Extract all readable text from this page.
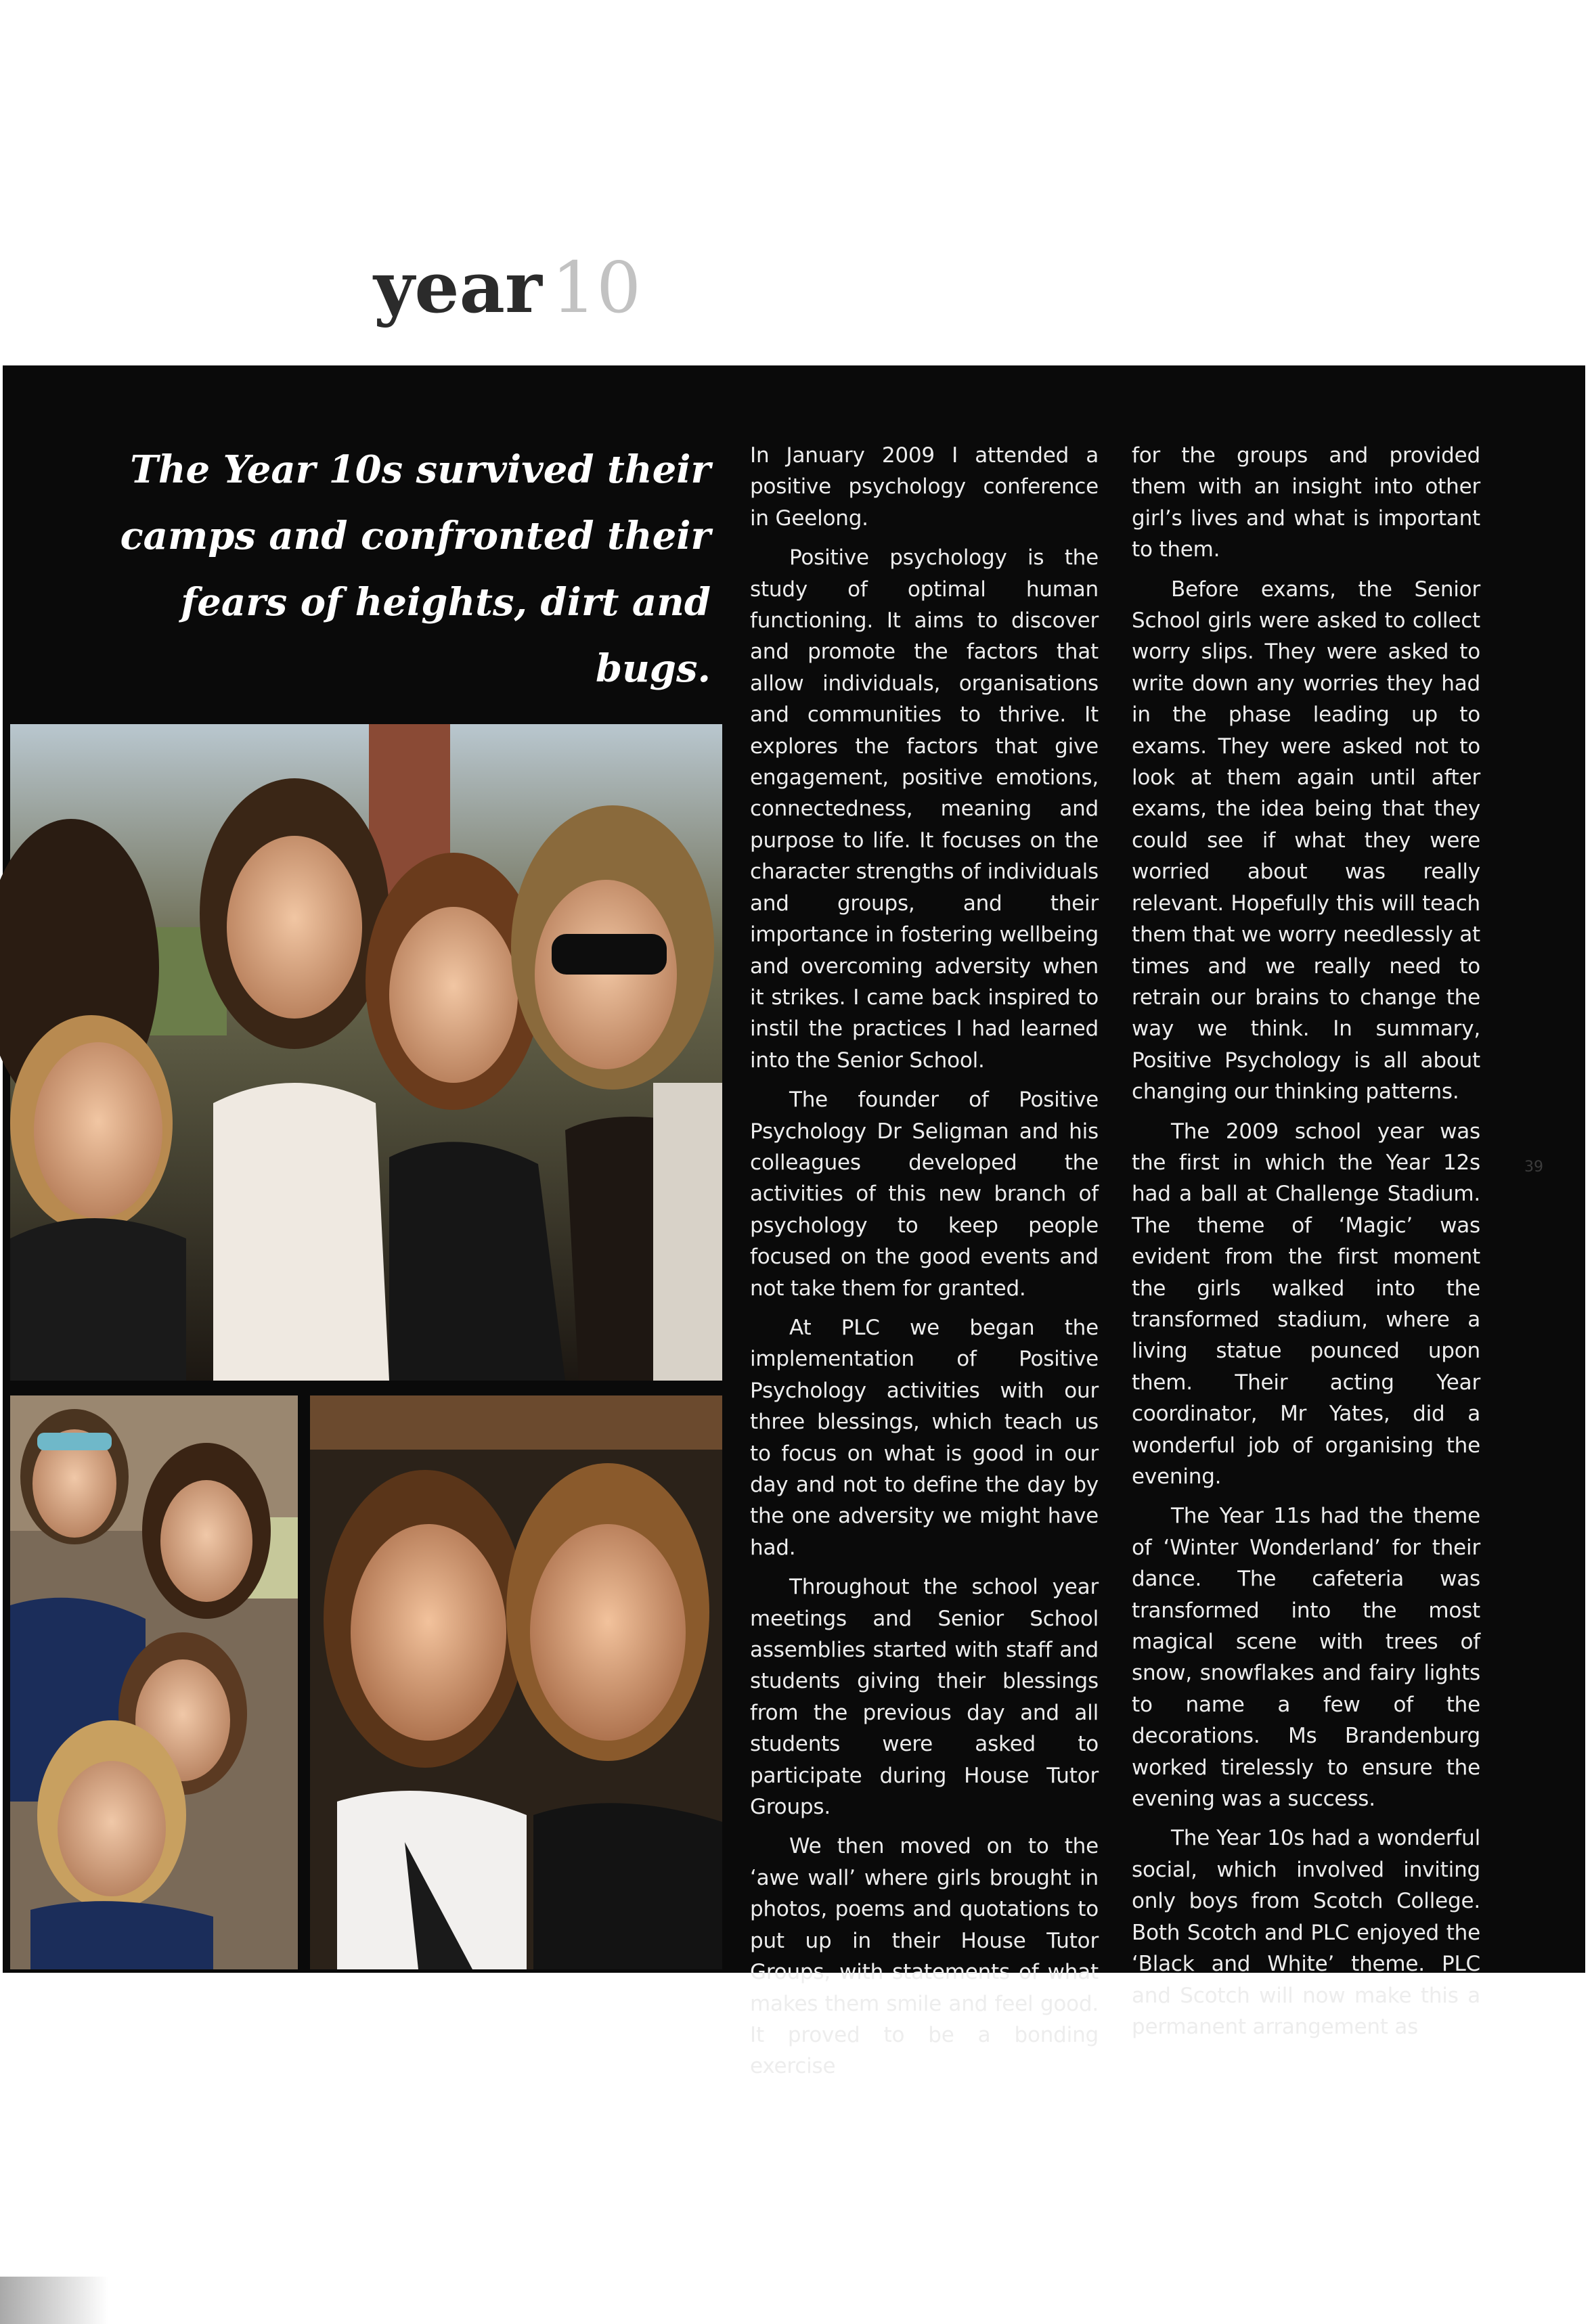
year 10
The Year 10s survived their camps and confronted their fears of heights, dirt and bugs.

In January 2009 I attended a positive psychology conference in Geelong.

Positive psychology is the study of optimal human functioning. It aims to discover and promote the factors that allow individuals, organisations and communities to thrive. It explores the factors that give engagement, positive emotions, connectedness, meaning and purpose to life. It focuses on the character strengths of individuals and groups, and their importance in fostering wellbeing and overcoming adversity when it strikes. I came back inspired to instil the practices I had learned into the Senior School.

The founder of Positive Psychology Dr Seligman and his colleagues developed the activities of this new branch of psychology to keep people focused on the good events and not take them for granted.

At PLC we began the implementation of Positive Psychology activities with our three blessings, which teach us to focus on what is good in our day and not to define the day by the one adversity we might have had.

Throughout the school year meetings and Senior School assemblies started with staff and students giving their blessings from the previous day and all students were asked to participate during House Tutor Groups.

We then moved on to the ‘awe wall’ where girls brought in photos, poems and quotations to put up in their House Tutor Groups, with statements of what makes them smile and feel good. It proved to be a bonding exercise

for the groups and provided them with an insight into other girl’s lives and what is important to them.

Before exams, the Senior School girls were asked to collect worry slips. They were asked to write down any worries they had in the phase leading up to exams. They were asked not to look at them again until after exams, the idea being that they could see if what they were worried about was really relevant. Hopefully this will teach them that we worry needlessly at times and we really need to retrain our brains to change the way we think. In summary, Positive Psychology is all about changing our thinking patterns.

The 2009 school year was the first in which the Year 12s had a ball at Challenge Stadium. The theme of ‘Magic’ was evident from the first moment the girls walked into the transformed stadium, where a living statue pounced upon them. Their acting Year coordinator, Mr Yates, did a wonderful job of organising the evening.

The Year 11s had the theme of ‘Winter Wonderland’ for their dance. The cafeteria was transformed into the most magical scene with trees of snow, snowflakes and fairy lights to name a few of the decorations. Ms Brandenburg worked tirelessly to ensure the evening was a success.

The Year 10s had a wonderful social, which involved inviting only boys from Scotch College. Both Scotch and PLC enjoyed the ‘Black and White’ theme. PLC and Scotch will now make this a permanent arrangement as

39
